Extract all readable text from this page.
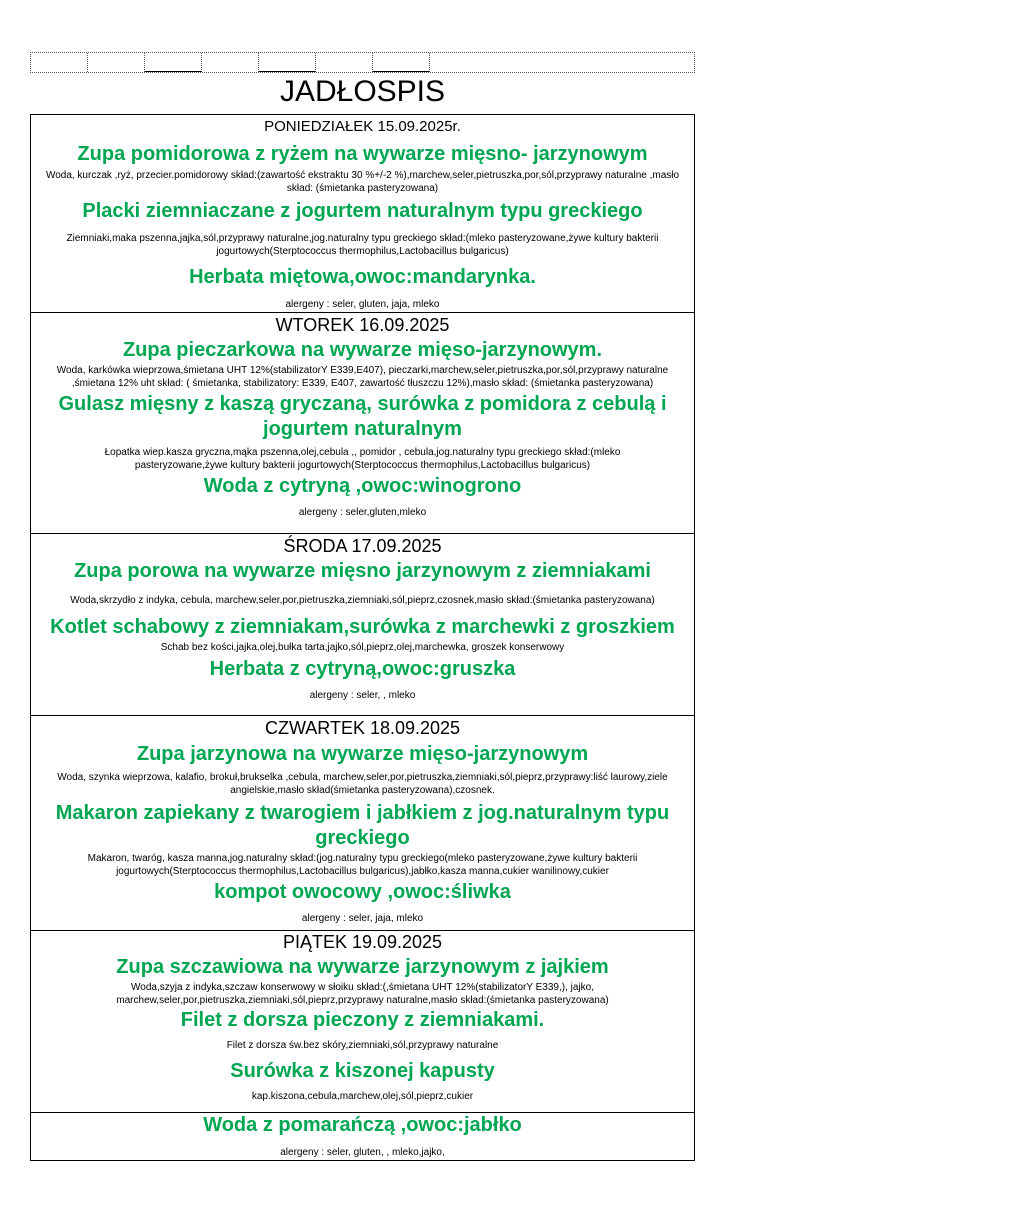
JADŁOSPIS
PONIEDZIAŁEK 15.09.2025r.
Zupa pomidorowa z ryżem na wywarze mięsno- jarzynowym
Woda, kurczak ,ryż, przecier.pomidorowy skład:(zawartość ekstraktu 30 %+/-2 %),marchew,seler,pietruszka,por,sól,przyprawy naturalne ,masło skład: (śmietanka pasteryzowana)
Placki ziemniaczane z jogurtem naturalnym typu greckiego
Ziemniaki,maka pszenna,jajka,sól,przyprawy naturalne,jog.naturalny typu greckiego skład:(mleko pasteryzowane,żywe kultury bakterii jogurtowych(Sterptococcus thermophilus,Lactobacillus bulgaricus)
Herbata miętowa,owoc:mandarynka.
alergeny : seler, gluten, jaja, mleko
WTOREK 16.09.2025
Zupa pieczarkowa na wywarze mięso-jarzynowym.
Woda, karkówka wieprzowa,śmietana UHT 12%(stabilizatorY E339,E407), pieczarki,marchew,seler,pietruszka,por,sól,przyprawy naturalne ,śmietana 12% uht skład: ( śmietanka, stabilizatory: E339, E407, zawartość tłuszczu 12%),masło skład: (śmietanka pasteryzowana)
Gulasz mięsny z kaszą gryczaną, surówka z pomidora z cebulą i jogurtem naturalnym
Łopatka wiep.kasza gryczna,mąka pszenna,olej,cebula ,, pomidor , cebula,jog.naturalny typu greckiego skład:(mleko pasteryzowane,żywe kultury bakterii jogurtowych(Sterptococcus thermophilus,Lactobacillus bulgaricus)
Woda z cytryną ,owoc:winogrono
alergeny : seler,gluten,mleko
ŚRODA 17.09.2025
Zupa porowa na wywarze mięsno jarzynowym z ziemniakami
Woda,skrzydło z indyka, cebula, marchew,seler,por,pietruszka,ziemniaki,sól,pieprz,czosnek,masło skład:(śmietanka pasteryzowana)
Kotlet schabowy z ziemniakam,surówka z marchewki z groszkiem
Schab bez kości,jajka,olej,bułka tarta,jajko,sól,pieprz,olej,marchewka, groszek konserwowy
Herbata z cytryną,owoc:gruszka
alergeny : seler, , mleko
CZWARTEK 18.09.2025
Zupa jarzynowa na wywarze mięso-jarzynowym
Woda, szynka wieprzowa, kalafio, brokuł,brukselka ,cebula, marchew,seler,por,pietruszka,ziemniaki,sól,pieprz,przyprawy:liść laurowy,ziele angielskie,masło skład(śmietanka pasteryzowana),czosnek.
Makaron zapiekany z twarogiem i jabłkiem z jog.naturalnym typu greckiego
Makaron, twaróg, kasza manna,jog.naturalny skład:(jog.naturalny typu greckiego(mleko pasteryzowane,żywe kultury bakterii jogurtowych(Sterptococcus thermophilus,Lactobacillus bulgaricus),jabłko,kasza manna,cukier wanilinowy,cukier
kompot owocowy ,owoc:śliwka
alergeny : seler, jaja, mleko
PIĄTEK 19.09.2025
Zupa szczawiowa na wywarze jarzynowym z jajkiem
Woda,szyja z indyka,szczaw konserwowy w słoiku skład:(,śmietana UHT 12%(stabilizatorY E339,), jajko, marchew,seler,por,pietruszka,ziemniaki,sól,pieprz,przyprawy naturalne,masło skład:(śmietanka pasteryzowana)
Filet z dorsza pieczony z ziemniakami.
Filet z dorsza św.bez skóry,ziemniaki,sól,przyprawy naturalne
Surówka z kiszonej kapusty
kap.kiszona,cebula,marchew,olej,sól,pieprz,cukier
Woda z pomarańczą ,owoc:jabłko
alergeny : seler, gluten, , mleko,jajko,
